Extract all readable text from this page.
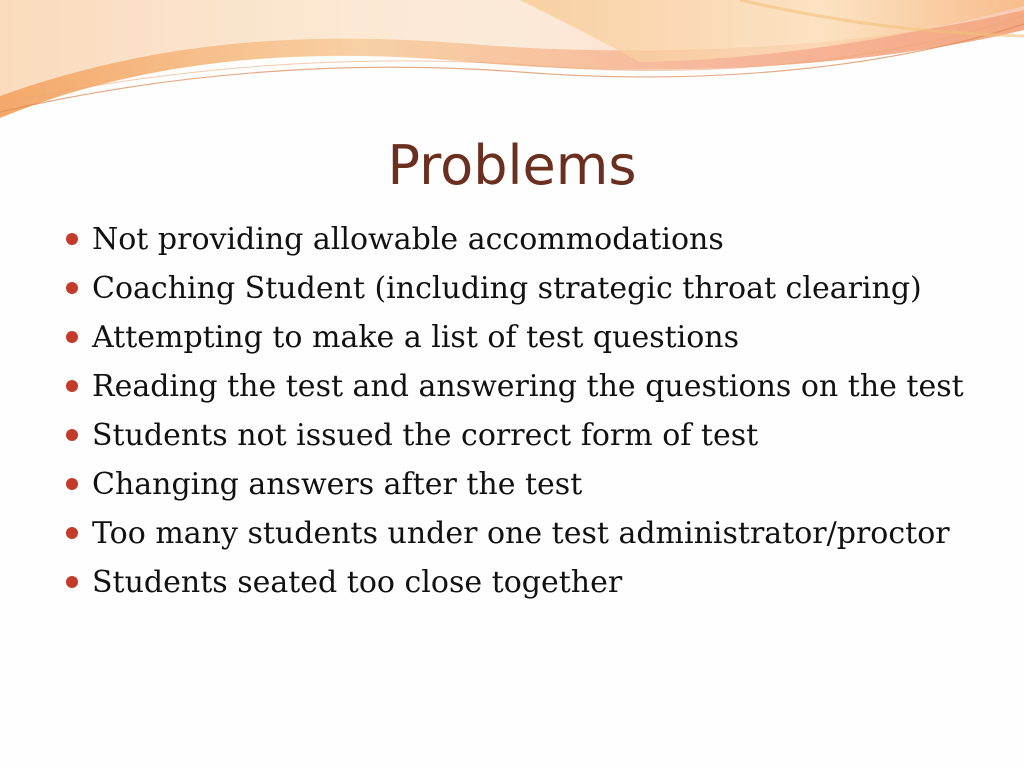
Problems
Not providing allowable accommodations
Coaching Student (including strategic throat clearing)
Attempting to make a list of test questions
Reading the test and answering the questions on the test
Students not issued the correct form of test
Changing answers after the test
Too many students under one test administrator/proctor
Students seated too close together
